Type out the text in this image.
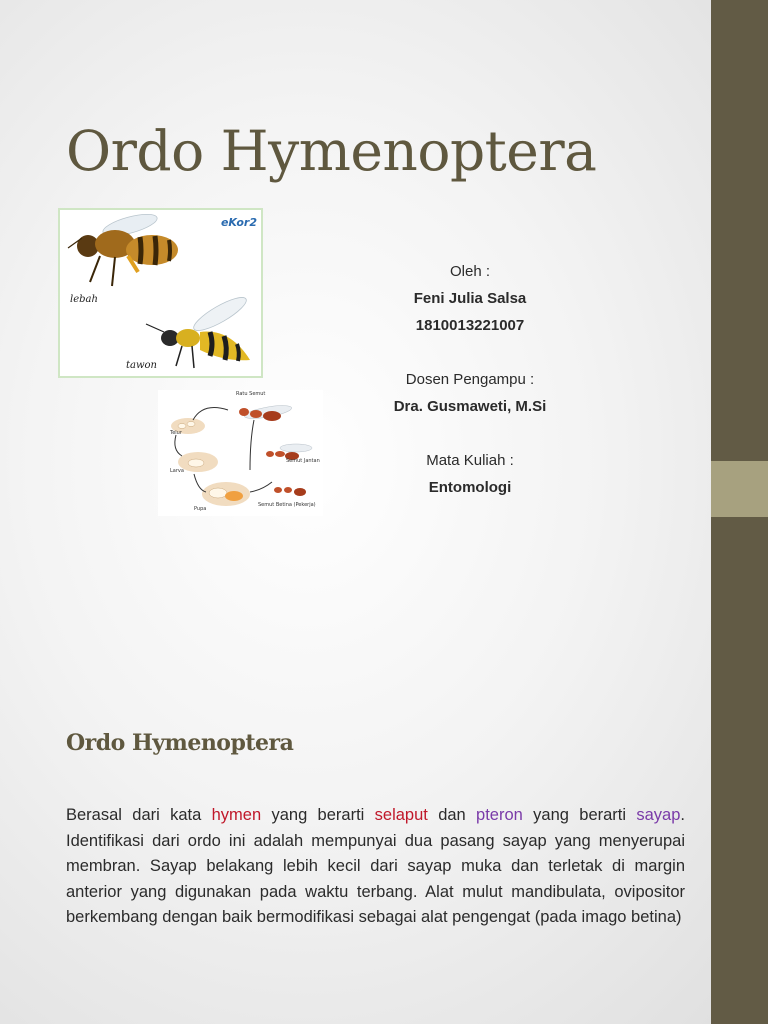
Ordo Hymenoptera
eKor2
lebah
tawon
Ratu Semut
Telur
Larva
Pupa
Semut Jantan
Semut Betina (Pekerja)
Oleh :
Feni Julia Salsa
1810013221007
Dosen Pengampu :
Dra. Gusmaweti, M.Si
Mata Kuliah :
Entomologi
Ordo Hymenoptera

Berasal dari kata hymen yang berarti selaput dan pteron yang berarti sayap. Identifikasi dari ordo ini adalah mempunyai dua pasang sayap yang menyerupai membran. Sayap belakang lebih kecil dari sayap muka dan terletak di margin anterior yang digunakan pada waktu terbang. Alat mulut mandibulata, ovipositor berkembang dengan baik bermodifikasi sebagai alat pengengat (pada imago betina)
